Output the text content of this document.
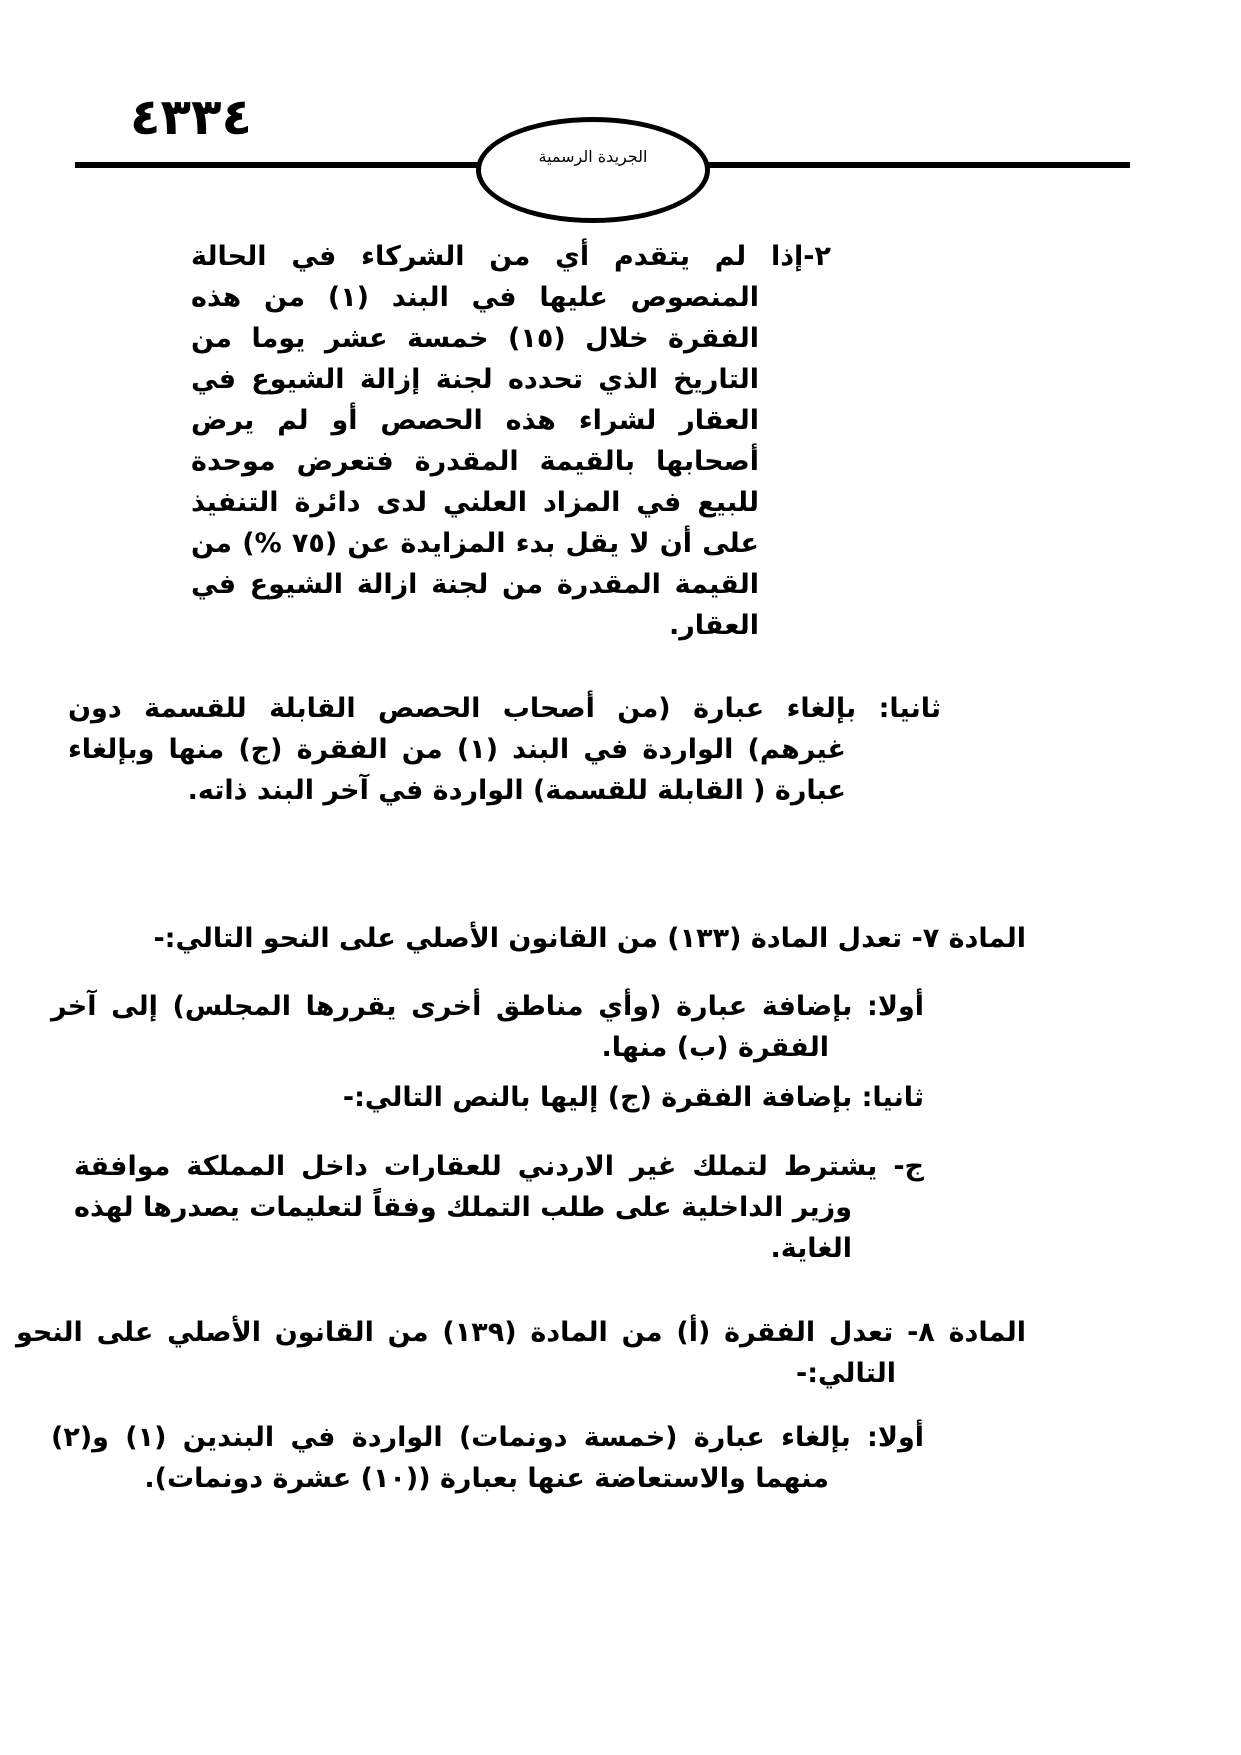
٤٣٣٤
الجريدة الرسمية
٢-إذا لم يتقدم أي من الشركاء في الحالة المنصوص عليها في البند (١) من هذه الفقرة خلال (١٥) خمسة عشر يوما من التاريخ الذي تحدده لجنة إزالة الشيوع في العقار لشراء هذه الحصص أو لم يرض أصحابها بالقيمة المقدرة فتعرض موحدة للبيع في المزاد العلني لدى دائرة التنفيذ على أن لا يقل بدء المزايدة عن (٧٥ %) من القيمة المقدرة من لجنة ازالة الشيوع في العقار.
ثانيا: بإلغاء عبارة (من أصحاب الحصص القابلة للقسمة دون غيرهم) الواردة في البند (١) من الفقرة (ج) منها وبإلغاء عبارة ( القابلة للقسمة) الواردة في آخر البند ذاته.
المادة ٧- تعدل المادة (١٣٣) من القانون الأصلي على النحو التالي:-
أولا: بإضافة عبارة (وأي مناطق أخرى يقررها المجلس) إلى آخر الفقرة (ب) منها.
ثانيا: بإضافة الفقرة (ج) إليها بالنص التالي:-
ج- يشترط لتملك غير الاردني للعقارات داخل المملكة موافقة وزير الداخلية على طلب التملك وفقاً لتعليمات يصدرها لهذه الغاية.
المادة ٨- تعدل الفقرة (أ) من المادة (١٣٩) من القانون الأصلي على النحو التالي:-
أولا: بإلغاء عبارة (خمسة دونمات) الواردة في البندين (١) و(٢) منهما والاستعاضة عنها بعبارة ((١٠) عشرة دونمات).
